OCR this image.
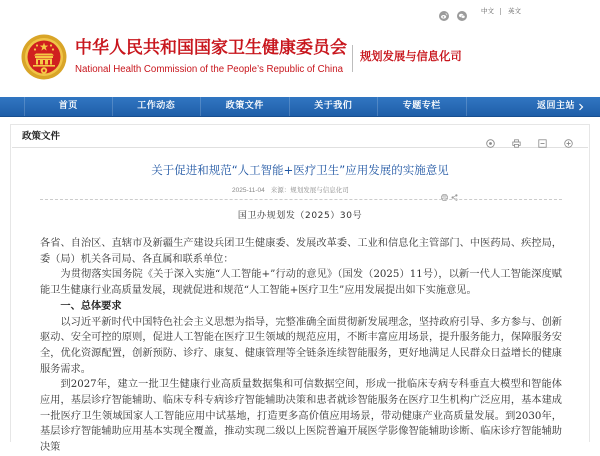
中文 英文
中华人民共和国国家卫生健康委员会
National Health Commission of the People’s Republic of China
规划发展与信息化司
首页	工作动态	政策文件	关于我们	专题专栏	返回主站
政策文件
关于促进和规范“人工智能+医疗卫生”应用发展的实施意见
2025-11-04 来源：规划发展与信息化司
国卫办规划发（2025）30号

各省、自治区、直辖市及新疆生产建设兵团卫生健康委、发展改革委、工业和信息化主管部门、中医药局、疾控局，委（局）机关各司局、各直属和联系单位：

为贯彻落实国务院《关于深入实施“人工智能+”行动的意见》（国发（2025）11号），以新一代人工智能深度赋能卫生健康行业高质量发展，现就促进和规范“人工智能+医疗卫生”应用发展提出如下实施意见。

一、总体要求

以习近平新时代中国特色社会主义思想为指导，完整准确全面贯彻新发展理念，坚持政府引导、多方参与、创新驱动、安全可控的原则，促进人工智能在医疗卫生领域的规范应用，不断丰富应用场景，提升服务能力，保障服务安全，优化资源配置，创新预防、诊疗、康复、健康管理等全链条连续智能服务，更好地满足人民群众日益增长的健康服务需求。

到2027年，建立一批卫生健康行业高质量数据集和可信数据空间，形成一批临床专病专科垂直大模型和智能体应用，基层诊疗智能辅助、临床专科专病诊疗智能辅助决策和患者就诊智能服务在医疗卫生机构广泛应用，基本建成一批医疗卫生领域国家人工智能应用中试基地，打造更多高价值应用场景，带动健康产业高质量发展。到2030年，基层诊疗智能辅助应用基本实现全覆盖，推动实现二级以上医院普遍开展医学影像智能辅助诊断、临床诊疗智能辅助决策
